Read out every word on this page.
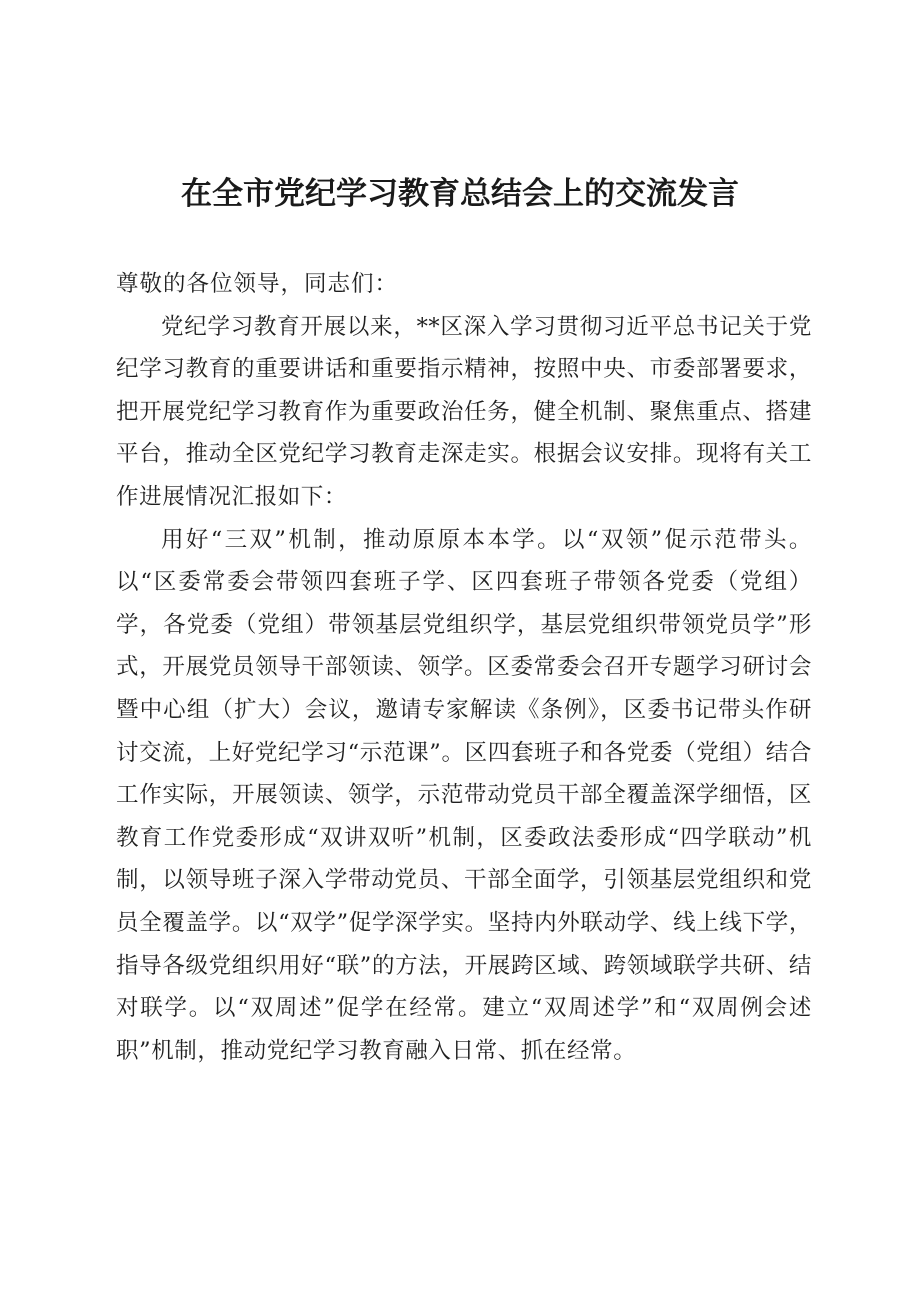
在全市党纪学习教育总结会上的交流发言

尊敬的各位领导，同志们：

党纪学习教育开展以来，**区深入学习贯彻习近平总书记关于党纪学习教育的重要讲话和重要指示精神，按照中央、市委部署要求，把开展党纪学习教育作为重要政治任务，健全机制、聚焦重点、搭建平台，推动全区党纪学习教育走深走实。根据会议安排。现将有关工作进展情况汇报如下：

用好“三双”机制，推动原原本本学。以“双领”促示范带头。以“区委常委会带领四套班子学、区四套班子带领各党委（党组）学，各党委（党组）带领基层党组织学，基层党组织带领党员学”形式，开展党员领导干部领读、领学。区委常委会召开专题学习研讨会暨中心组（扩大）会议，邀请专家解读《条例》，区委书记带头作研讨交流，上好党纪学习“示范课”。区四套班子和各党委（党组）结合工作实际，开展领读、领学，示范带动党员干部全覆盖深学细悟，区教育工作党委形成“双讲双听”机制，区委政法委形成“四学联动”机制，以领导班子深入学带动党员、干部全面学，引领基层党组织和党员全覆盖学。以“双学”促学深学实。坚持内外联动学、线上线下学，指导各级党组织用好“联”的方法，开展跨区域、跨领域联学共研、结对联学。以“双周述”促学在经常。建立“双周述学”和“双周例会述职”机制，推动党纪学习教育融入日常、抓在经常。
